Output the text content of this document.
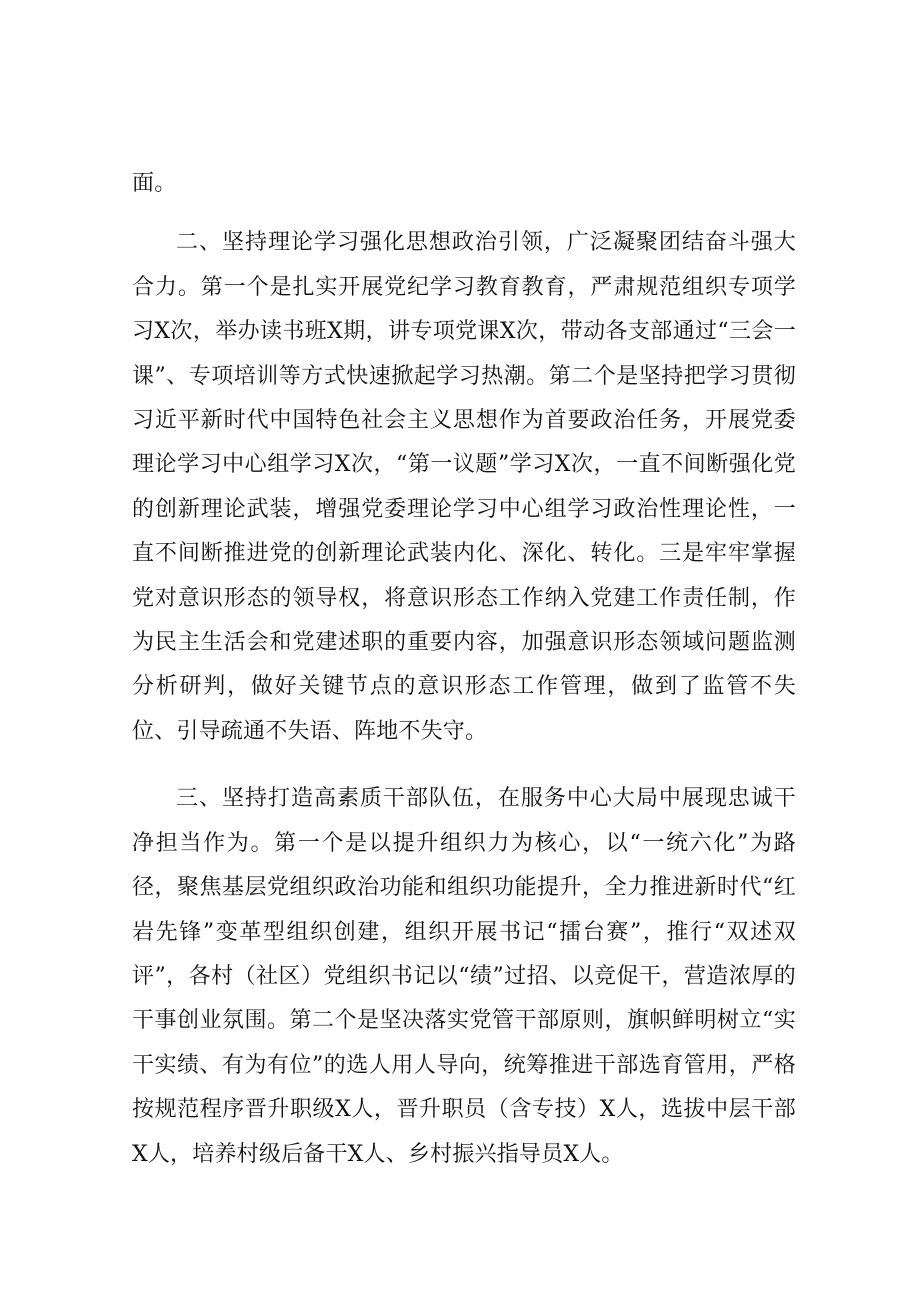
面。

二、坚持理论学习强化思想政治引领，广泛凝聚团结奋斗强大合力。第一个是扎实开展党纪学习教育教育，严肃规范组织专项学习X次，举办读书班X期，讲专项党课X次，带动各支部通过“三会一课”、专项培训等方式快速掀起学习热潮。第二个是坚持把学习贯彻习近平新时代中国特色社会主义思想作为首要政治任务，开展党委理论学习中心组学习X次，“第一议题”学习X次，一直不间断强化党的创新理论武装，增强党委理论学习中心组学习政治性理论性，一直不间断推进党的创新理论武装内化、深化、转化。三是牢牢掌握党对意识形态的领导权，将意识形态工作纳入党建工作责任制，作为民主生活会和党建述职的重要内容，加强意识形态领域问题监测分析研判，做好关键节点的意识形态工作管理，做到了监管不失位、引导疏通不失语、阵地不失守。

三、坚持打造高素质干部队伍，在服务中心大局中展现忠诚干净担当作为。第一个是以提升组织力为核心，以“一统六化”为路径，聚焦基层党组织政治功能和组织功能提升，全力推进新时代“红岩先锋”变革型组织创建，组织开展书记“擂台赛”，推行“双述双评”，各村（社区）党组织书记以“绩”过招、以竞促干，营造浓厚的干事创业氛围。第二个是坚决落实党管干部原则，旗帜鲜明树立“实干实绩、有为有位”的选人用人导向，统筹推进干部选育管用，严格按规范程序晋升职级X人，晋升职员（含专技）X人，选拔中层干部X人，培养村级后备干X人、乡村振兴指导员X人。
